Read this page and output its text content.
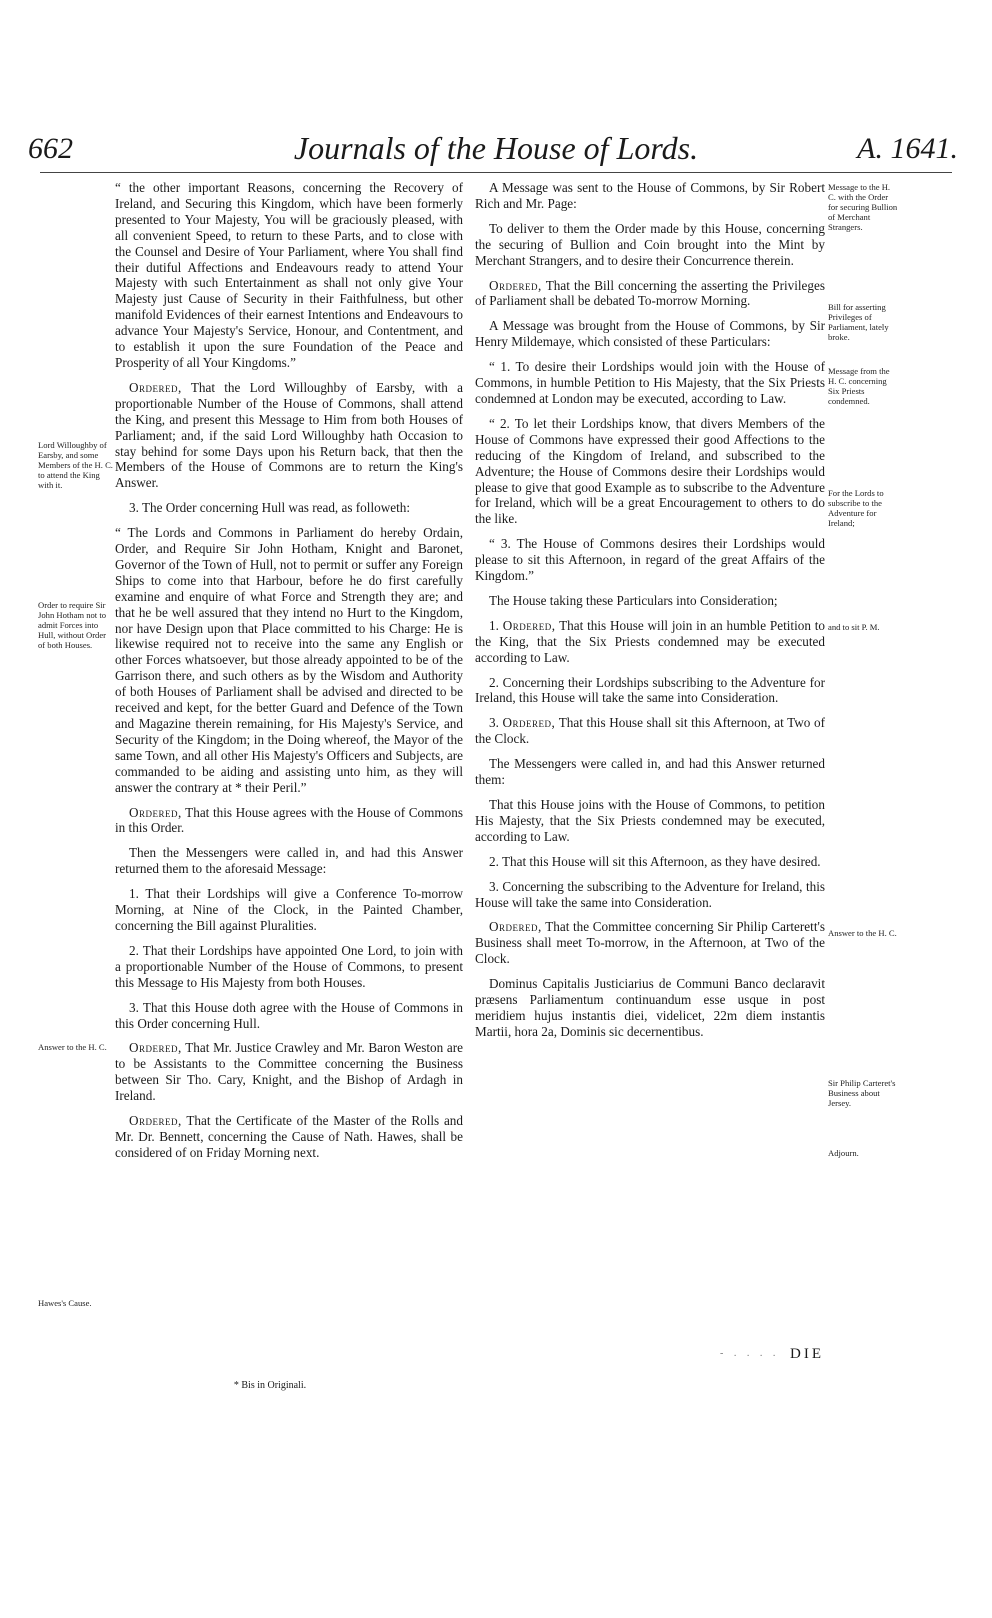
662	Journals of the House of Lords.	A. 1641.
Lord Willoughby of Earsby, and some Members of the H. C. to attend the King with it.
Order to require Sir John Hotham not to admit Forces into Hull, without Order of both Houses.
Answer to the H. C.
Hawes's Cause.

“ the other important Reasons, concerning the Recovery of Ireland, and Securing this Kingdom, which have been formerly presented to Your Majesty, You will be graciously pleased, with all convenient Speed, to return to these Parts, and to close with the Counsel and Desire of Your Parliament, where You shall find their dutiful Affections and Endeavours ready to attend Your Majesty with such Entertainment as shall not only give Your Majesty just Cause of Security in their Faithfulness, but other manifold Evidences of their earnest Intentions and Endeavours to advance Your Majesty's Service, Honour, and Contentment, and to establish it upon the sure Foundation of the Peace and Prosperity of all Your Kingdoms.”

Ordered, That the Lord Willoughby of Earsby, with a proportionable Number of the House of Commons, shall attend the King, and present this Message to Him from both Houses of Parliament; and, if the said Lord Willoughby hath Occasion to stay behind for some Days upon his Return back, that then the Members of the House of Commons are to return the King's Answer.

3. The Order concerning Hull was read, as followeth:

“ The Lords and Commons in Parliament do hereby Ordain, Order, and Require Sir John Hotham, Knight and Baronet, Governor of the Town of Hull, not to permit or suffer any Foreign Ships to come into that Harbour, before he do first carefully examine and enquire of what Force and Strength they are; and that he be well assured that they intend no Hurt to the Kingdom, nor have Design upon that Place committed to his Charge: He is likewise required not to receive into the same any English or other Forces whatsoever, but those already appointed to be of the Garrison there, and such others as by the Wisdom and Authority of both Houses of Parliament shall be advised and directed to be received and kept, for the better Guard and Defence of the Town and Magazine therein remaining, for His Majesty's Service, and Security of the Kingdom; in the Doing whereof, the Mayor of the same Town, and all other His Majesty's Officers and Subjects, are commanded to be aiding and assisting unto him, as they will answer the contrary at * their Peril.”

Ordered, That this House agrees with the House of Commons in this Order.

Then the Messengers were called in, and had this Answer returned them to the aforesaid Message:

1. That their Lordships will give a Conference To-morrow Morning, at Nine of the Clock, in the Painted Chamber, concerning the Bill against Pluralities.

2. That their Lordships have appointed One Lord, to join with a proportionable Number of the House of Commons, to present this Message to His Majesty from both Houses.

3. That this House doth agree with the House of Commons in this Order concerning Hull.

Ordered, That Mr. Justice Crawley and Mr. Baron Weston are to be Assistants to the Committee concerning the Business between Sir Tho. Cary, Knight, and the Bishop of Ardagh in Ireland.

Ordered, That the Certificate of the Master of the Rolls and Mr. Dr. Bennett, concerning the Cause of Nath. Hawes, shall be considered of on Friday Morning next.

* Bis in Originali.

A Message was sent to the House of Commons, by Sir Robert Rich and Mr. Page:

To deliver to them the Order made by this House, concerning the securing of Bullion and Coin brought into the Mint by Merchant Strangers, and to desire their Concurrence therein.

Ordered, That the Bill concerning the asserting the Privileges of Parliament shall be debated To-morrow Morning.

A Message was brought from the House of Commons, by Sir Henry Mildemaye, which consisted of these Particulars:

“ 1. To desire their Lordships would join with the House of Commons, in humble Petition to His Majesty, that the Six Priests condemned at London may be executed, according to Law.

“ 2. To let their Lordships know, that divers Members of the House of Commons have expressed their good Affections to the reducing of the Kingdom of Ireland, and subscribed to the Adventure; the House of Commons desire their Lordships would please to give that good Example as to subscribe to the Adventure for Ireland, which will be a great Encouragement to others to do the like.

“ 3. The House of Commons desires their Lordships would please to sit this Afternoon, in regard of the great Affairs of the Kingdom.”

The House taking these Particulars into Consideration;

1. Ordered, That this House will join in an humble Petition to the King, that the Six Priests condemned may be executed according to Law.

2. Concerning their Lordships subscribing to the Adventure for Ireland, this House will take the same into Consideration.

3. Ordered, That this House shall sit this Afternoon, at Two of the Clock.

The Messengers were called in, and had this Answer returned them:

That this House joins with the House of Commons, to petition His Majesty, that the Six Priests condemned may be executed, according to Law.

2. That this House will sit this Afternoon, as they have desired.

3. Concerning the subscribing to the Adventure for Ireland, this House will take the same into Consideration.

Ordered, That the Committee concerning Sir Philip Carterett's Business shall meet To-morrow, in the Afternoon, at Two of the Clock.

Dominus Capitalis Justiciarius de Communi Banco declaravit præsens Parliamentum continuandum esse usque in post meridiem hujus instantis diei, videlicet, 22m diem instantis Martii, hora 2a, Dominis sic decernentibus.

Message to the H. C. with the Order for securing Bullion of Merchant Strangers.
Bill for asserting Privileges of Parliament, lately broke.
Message from the H. C. concerning Six Priests condemned.
For the Lords to subscribe to the Adventure for Ireland;
and to sit P. M.
Answer to the H. C.
Sir Philip Carteret's Business about Jersey.
Adjourn.
- . . . . DIE
